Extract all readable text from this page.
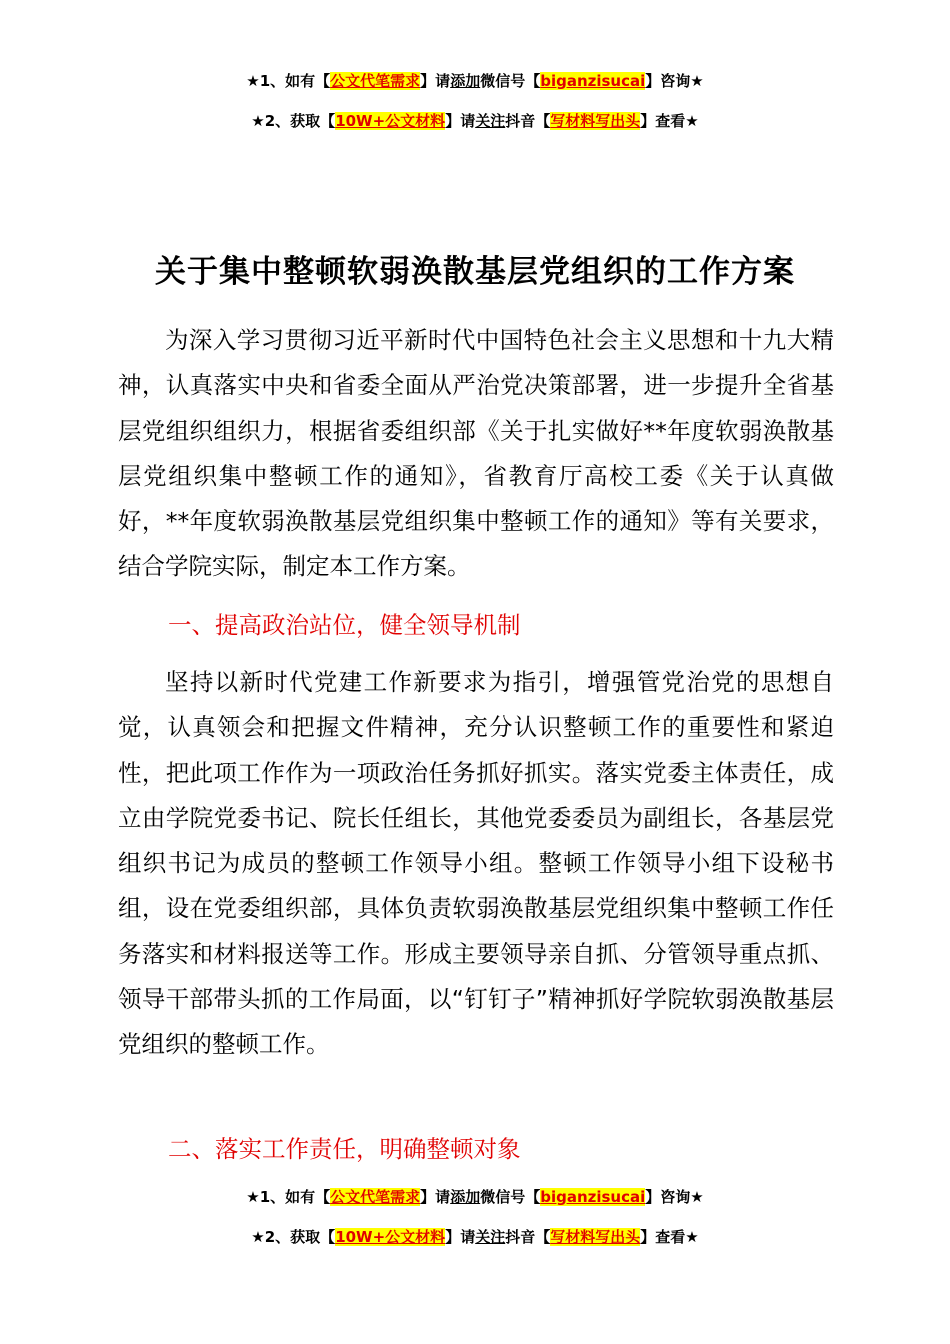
★1、如有【公文代笔需求】请添加微信号【biganzisucai】咨询★
★2、获取【10W+公文材料】请关注抖音【写材料写出头】查看★
关于集中整顿软弱涣散基层党组织的工作方案

为深入学习贯彻习近平新时代中国特色社会主义思想和十九大精神，认真落实中央和省委全面从严治党决策部署，进一步提升全省基层党组织组织力，根据省委组织部《关于扎实做好**年度软弱涣散基层党组织集中整顿工作的通知》，省教育厅高校工委《关于认真做好，**年度软弱涣散基层党组织集中整顿工作的通知》等有关要求，结合学院实际，制定本工作方案。

一、提高政治站位，健全领导机制

坚持以新时代党建工作新要求为指引，增强管党治党的思想自觉，认真领会和把握文件精神，充分认识整顿工作的重要性和紧迫性，把此项工作作为一项政治任务抓好抓实。落实党委主体责任，成立由学院党委书记、院长任组长，其他党委委员为副组长，各基层党组织书记为成员的整顿工作领导小组。整顿工作领导小组下设秘书组，设在党委组织部，具体负责软弱涣散基层党组织集中整顿工作任务落实和材料报送等工作。形成主要领导亲自抓、分管领导重点抓、领导干部带头抓的工作局面，以“钉钉子”精神抓好学院软弱涣散基层党组织的整顿工作。

二、落实工作责任，明确整顿对象

★1、如有【公文代笔需求】请添加微信号【biganzisucai】咨询★
★2、获取【10W+公文材料】请关注抖音【写材料写出头】查看★
